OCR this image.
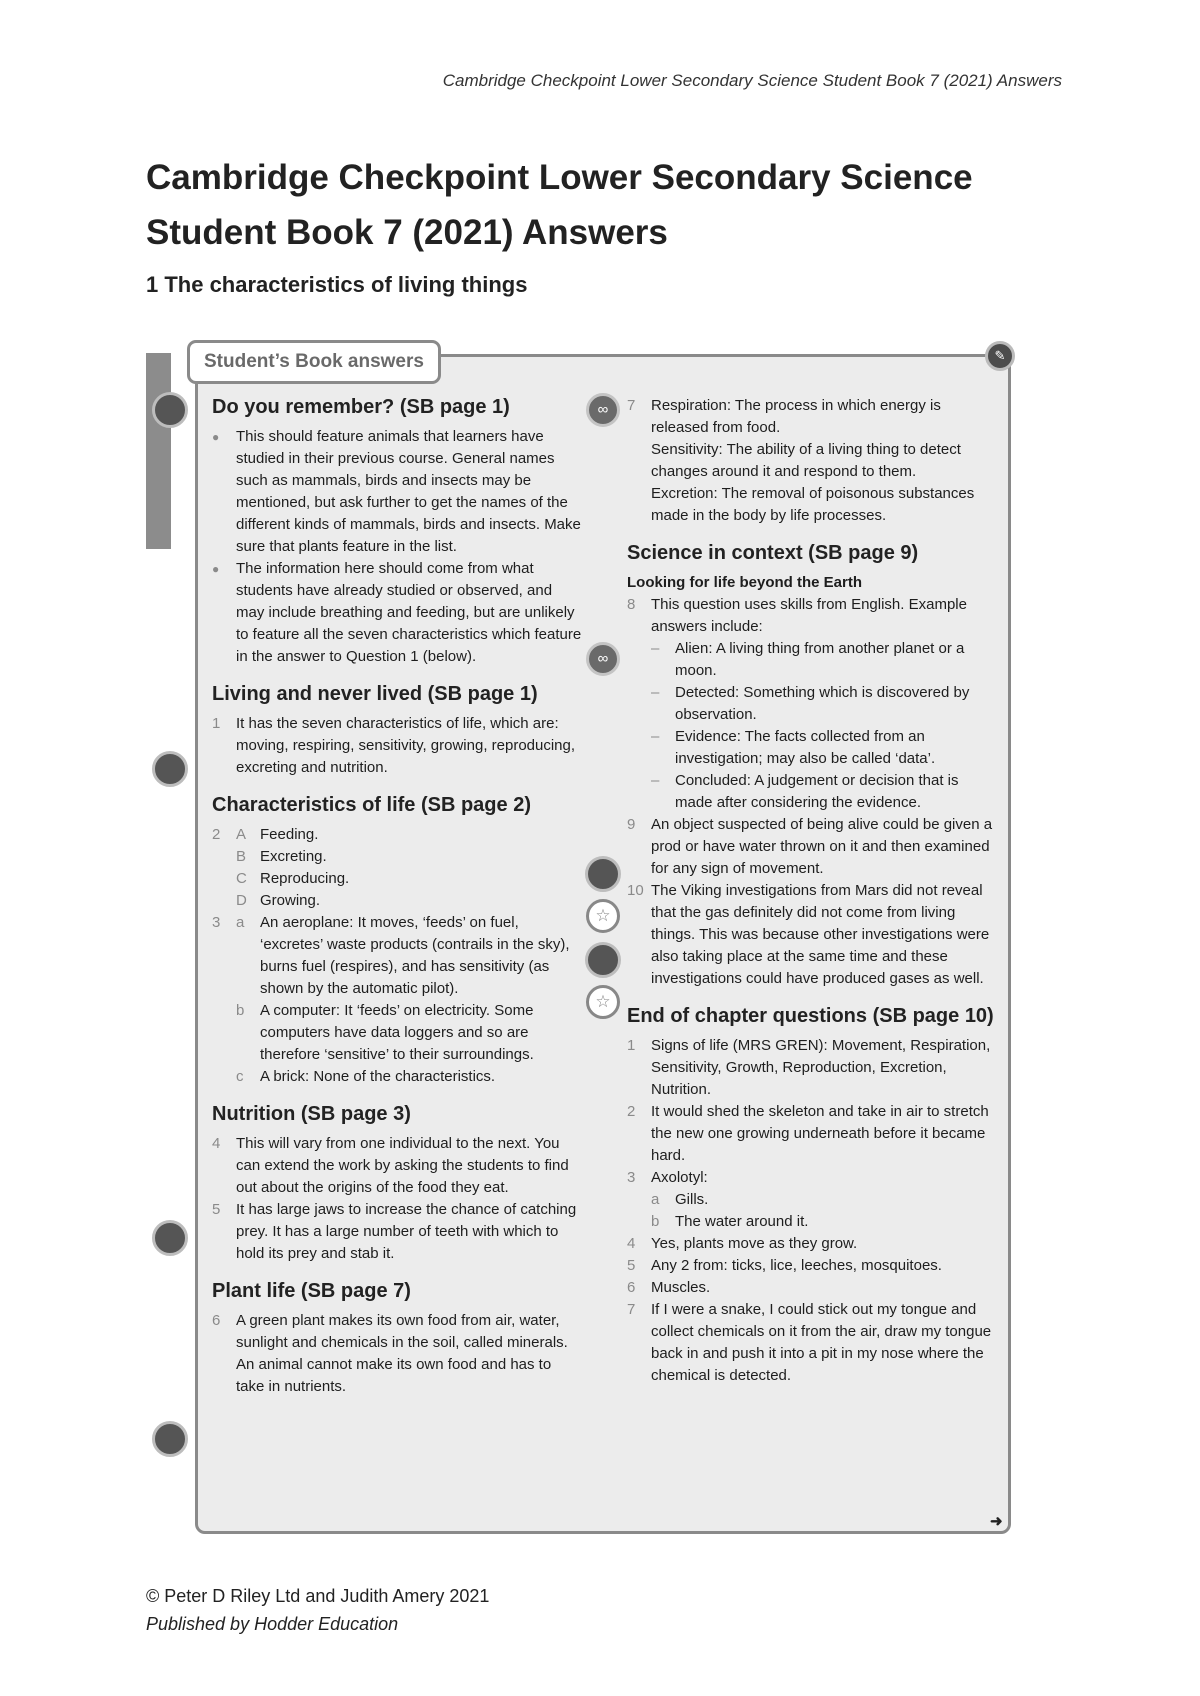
Cambridge Checkpoint Lower Secondary Science Student Book 7 (2021) Answers
Cambridge Checkpoint Lower Secondary Science
Student Book 7 (2021) Answers
1 The characteristics of living things
Student’s Book answers	✎
∞
∞
☆
☆
Do you remember? (SB page 1)
●	This should feature animals that learners have studied in their previous course. General names such as mammals, birds and insects may be mentioned, but ask further to get the names of the different kinds of mammals, birds and insects. Make sure that plants feature in the list.
●	The information here should come from what students have already studied or observed, and may include breathing and feeding, but are unlikely to feature all the seven characteristics which feature in the answer to Question 1 (below).
Living and never lived (SB page 1)
1	It has the seven characteristics of life, which are: moving, respiring, sensitivity, growing, reproducing, excreting and nutrition.
Characteristics of life (SB page 2)
2	A Feeding.
B Excreting.
C Reproducing.
D Growing.
3	a	An aeroplane: It moves, ‘feeds’ on fuel, ‘excretes’ waste products (contrails in the sky), burns fuel (respires), and has sensitivity (as shown by the automatic pilot).
b	A computer: It ‘feeds’ on electricity. Some computers have data loggers and so are therefore ‘sensitive’ to their surroundings.
c	A brick: None of the characteristics.
Nutrition (SB page 3)
4	This will vary from one individual to the next. You can extend the work by asking the students to find out about the origins of the food they eat.
5	It has large jaws to increase the chance of catching prey. It has a large number of teeth with which to hold its prey and stab it.
Plant life (SB page 7)
6	A green plant makes its own food from air, water, sunlight and chemicals in the soil, called minerals. An animal cannot make its own food and has to take in nutrients.
7	Respiration: The process in which energy is released from food.
Sensitivity: The ability of a living thing to detect changes around it and respond to them.
Excretion: The removal of poisonous substances made in the body by life processes.
Science in context (SB page 9)
Looking for life beyond the Earth
8	This question uses skills from English. Example answers include:
–	Alien: A living thing from another planet or a moon.
–	Detected: Something which is discovered by observation.
–	Evidence: The facts collected from an investigation; may also be called ‘data’.
–	Concluded: A judgement or decision that is made after considering the evidence.
9	An object suspected of being alive could be given a prod or have water thrown on it and then examined for any sign of movement.
10 The Viking investigations from Mars did not reveal that the gas definitely did not come from living things. This was because other investigations were also taking place at the same time and these investigations could have produced gases as well.
End of chapter questions (SB page 10)
1	Signs of life (MRS GREN): Movement, Respiration, Sensitivity, Growth, Reproduction, Excretion, Nutrition.
2	It would shed the skeleton and take in air to stretch the new one growing underneath before it became hard.
3	Axolotyl:
a	Gills.
b	The water around it.
4	Yes, plants move as they grow.
5	Any 2 from: ticks, lice, leeches, mosquitoes.
6	Muscles.
7	If I were a snake, I could stick out my tongue and collect chemicals on it from the air, draw my tongue back in and push it into a pit in my nose where the chemical is detected.
➜
© Peter D Riley Ltd and Judith Amery 2021
Published by Hodder Education
